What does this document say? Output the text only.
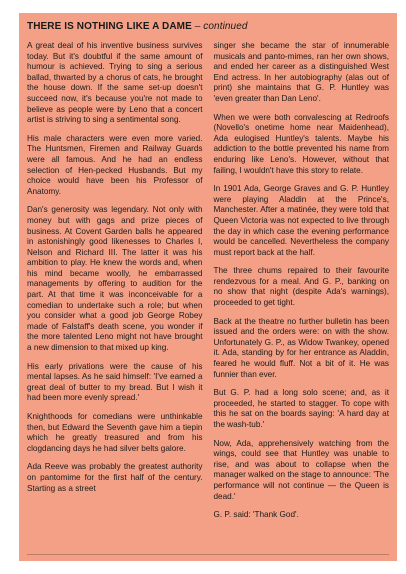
THERE IS NOTHING LIKE A DAME – continued

A great deal of his inventive business survives today. But it's doubtful if the same amount of humour is achieved. Trying to sing a serious ballad, thwarted by a chorus of cats, he brought the house down. If the same set-up doesn't succeed now, it's because you're not made to believe as people were by Leno that a concert artist is striving to sing a sentimental song.

His male characters were even more varied. The Huntsmen, Firemen and Railway Guards were all famous. And he had an endless selection of Hen-pecked Husbands. But my choice would have been his Professor of Anatomy.

Dan's generosity was legendary. Not only with money but with gags and prize pieces of business. At Covent Garden balls he appeared in astonishingly good likenesses to Charles I, Nelson and Richard III. The latter it was his ambition to play. He knew the words and, when his mind became woolly, he embarrassed managements by offering to audition for the part. At that time it was inconceivable for a comedian to undertake such a role; but when you consider what a good job George Robey made of Falstaff's death scene, you wonder if the more talented Leno might not have brought a new dimension to that mixed up king.

His early privations were the cause of his mental lapses. As he said himself: 'I've earned a great deal of butter to my bread. But I wish it had been more evenly spread.'

Knighthoods for comedians were unthinkable then, but Edward the Seventh gave him a tiepin which he greatly treasured and from his clogdancing days he had silver belts galore.

Ada Reeve was probably the greatest authority on pantomime for the first half of the century. Starting as a street

singer she became the star of innumerable musicals and panto-mimes, ran her own shows, and ended her career as a distinguished West End actress. In her autobiography (alas out of print) she maintains that G. P. Huntley was 'even greater than Dan Leno'.

When we were both convalescing at Redroofs (Novello's onetime home near Maidenhead), Ada eulogised Huntley's talents. Maybe his addiction to the bottle prevented his name from enduring like Leno's. However, without that failing, I wouldn't have this story to relate.

In 1901 Ada, George Graves and G. P. Huntley were playing Aladdin at the Prince's, Manchester. After a matinée, they were told that Queen Victoria was not expected to live through the day in which case the evening performance would be cancelled. Nevertheless the company must report back at the half.

The three chums repaired to their favourite rendezvous for a meal. And G. P., banking on no show that night (despite Ada's warnings), proceeded to get tight.

Back at the theatre no further bulletin has been issued and the orders were: on with the show. Unfortunately G. P., as Widow Twankey, opened it. Ada, standing by for her entrance as Aladdin, feared he would fluff. Not a bit of it. He was funnier than ever.

But G. P. had a long solo scene; and, as it proceeded, he started to stagger. To cope with this he sat on the boards saying: 'A hard day at the wash-tub.'

Now, Ada, apprehensively watching from the wings, could see that Huntley was unable to rise, and was about to collapse when the manager walked on the stage to announce: 'The performance will not continue — the Queen is dead.'

G. P. said: 'Thank God'.
